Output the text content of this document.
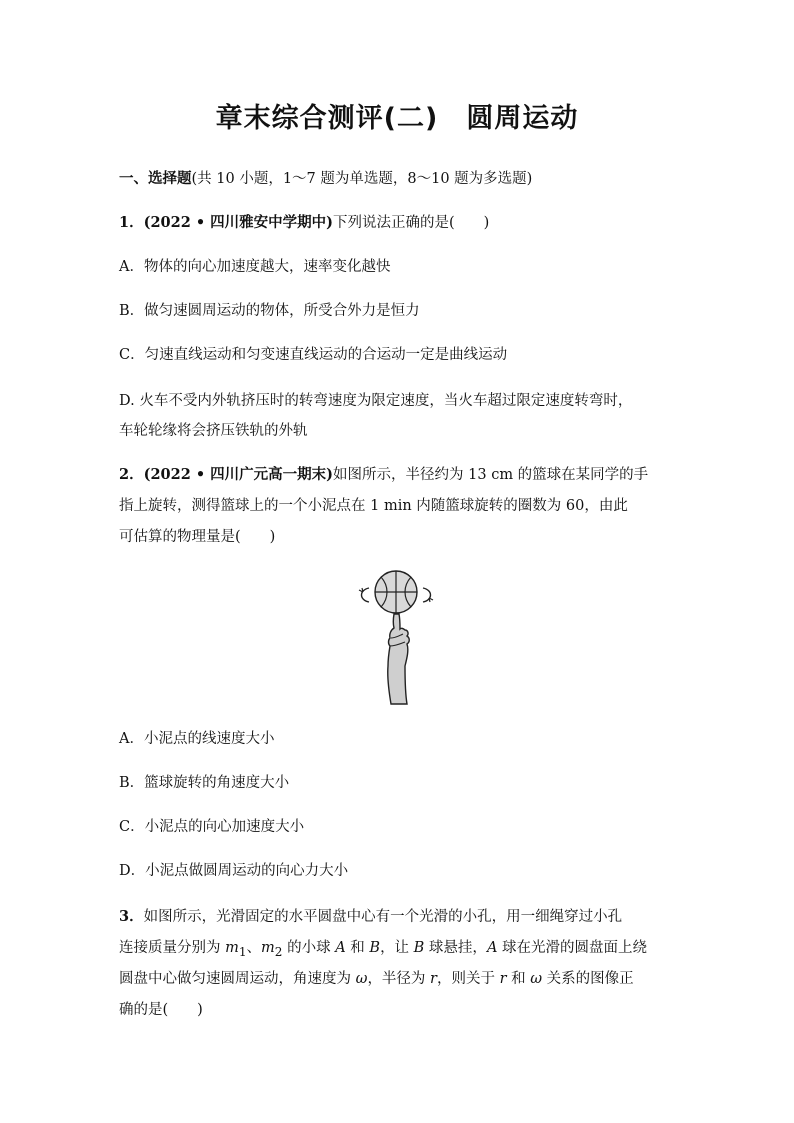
章末综合测评(二)　圆周运动
一、选择题(共 10 小题，1～7 题为单选题，8～10 题为多选题)
1．(2022 • 四川雅安中学期中)下列说法正确的是(　　)
A．物体的向心加速度越大，速率变化越快
B．做匀速圆周运动的物体，所受合外力是恒力
C．匀速直线运动和匀变速直线运动的合运动一定是曲线运动
D. 火车不受内外轨挤压时的转弯速度为限定速度，当火车超过限定速度转弯时，
车轮轮缘将会挤压铁轨的外轨
2．(2022 • 四川广元高一期末)如图所示，半径约为 13 cm 的篮球在某同学的手
指上旋转，测得篮球上的一个小泥点在 1 min 内随篮球旋转的圈数为 60，由此
可估算的物理量是(　　)
A．小泥点的线速度大小
B．篮球旋转的角速度大小
C．小泥点的向心加速度大小
D．小泥点做圆周运动的向心力大小
3．如图所示，光滑固定的水平圆盘中心有一个光滑的小孔，用一细绳穿过小孔
连接质量分别为 $m_1$、$m_2$ 的小球 A 和 B，让 B 球悬挂，A 球在光滑的圆盘面上绕
圆盘中心做匀速圆周运动，角速度为 ω，半径为 r，则关于 r 和 ω 关系的图像正
确的是(　　)
